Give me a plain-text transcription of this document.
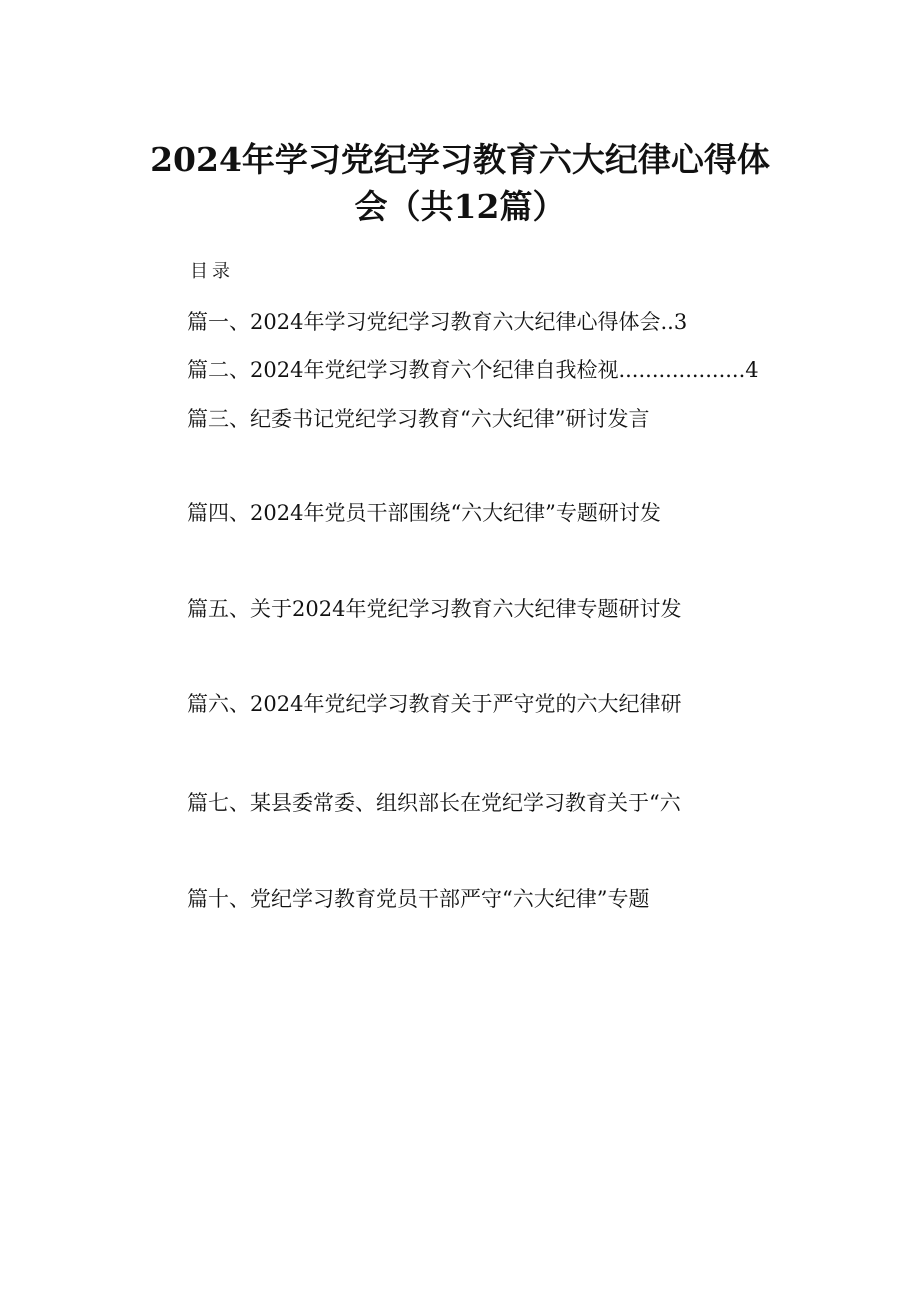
2024年学习党纪学习教育六大纪律心得体
会（共12篇）
目录
篇一、2024年学习党纪学习教育六大纪律心得体会..3
篇二、2024年党纪学习教育六个纪律自我检视...................4
篇三、纪委书记党纪学习教育“六大纪律”研讨发言
篇四、2024年党员干部围绕“六大纪律”专题研讨发
篇五、关于2024年党纪学习教育六大纪律专题研讨发
篇六、2024年党纪学习教育关于严守党的六大纪律研
篇七、某县委常委、组织部长在党纪学习教育关于“六
篇十、党纪学习教育党员干部严守“六大纪律”专题
